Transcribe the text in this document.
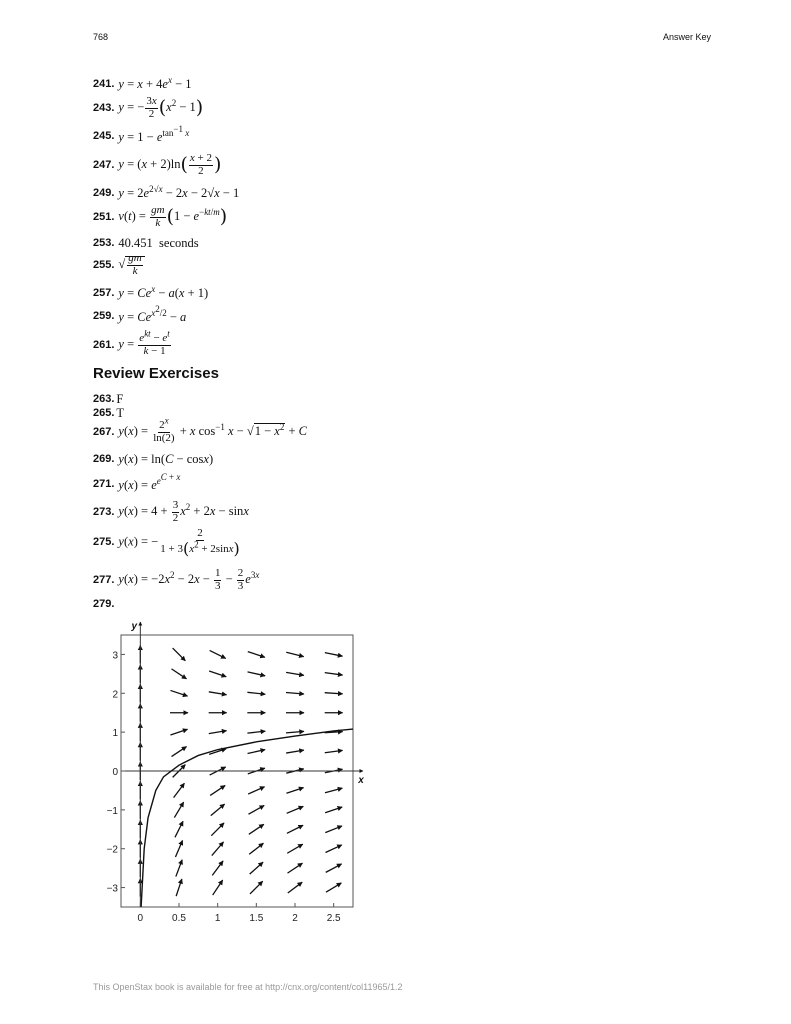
768	Answer Key
241. $y = x + 4e^x - 1$
243. y = − $\frac{3x}{2} (x^2 - 1)$
245. $y = 1 - e^{tan^{-1} x}$
247. $y = (x + 2)\ln( \frac{x + 2}{2}$ )
249. $y = 2e^{2√x} - 2x - 2√x - 1$
251. $v(t) = \frac{gm}{k} (1 - e^{-kt/m})$
253. 40.451 seconds
255. √ $\frac{gm}{k}$
257. $y = Ce^x - a(x + 1)$
259. $y = Ce^{x^2/2} - a$
261. $y = \frac{e^{kt} - e^t}{k - 1}$
Review Exercises
263. F
265. T
267. $y(x) = \frac{2^x}{\ln(2)} + x$ $\cos^{-1} x - √1 - x^2 + C$
269. y(x) = ln(C − cosx)
271. $y(x) = e^{e^{C + x}}$
273. $y(x) = 4 + \frac{3}{2} x^2 + 2x - \sin x$
275. y(x) = − $\frac{2}{1 + 3(x^2 + 2\sin x)}$
277. $y(x) = -2x^2 - 2x - \frac{1}{3} - \frac{2}{3} e^{3x}$
279.
y
x
0	0.5	1	1.5	2	2.5
3
2
1
0
−1
−2
−3
This OpenStax book is available for free at http://cnx.org/content/col11965/1.2
